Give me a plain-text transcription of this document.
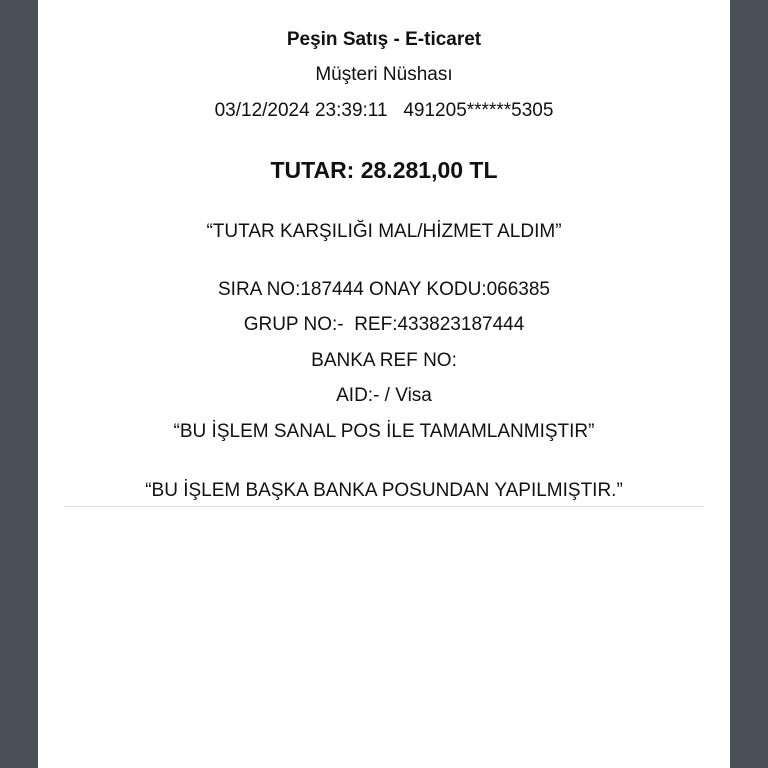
Peşin Satış - E-ticaret
Müşteri Nüshası
03/12/2024 23:39:11 491205******5305
TUTAR: 28.281,00 TL
“TUTAR KARŞILIĞI MAL/HİZMET ALDIM”
SIRA NO:187444 ONAY KODU:066385
GRUP NO:-  REF:433823187444
BANKA REF NO:
AID:- / Visa
“BU İŞLEM SANAL POS İLE TAMAMLANMIŞTIR”
“BU İŞLEM BAŞKA BANKA POSUNDAN YAPILMIŞTIR.”
